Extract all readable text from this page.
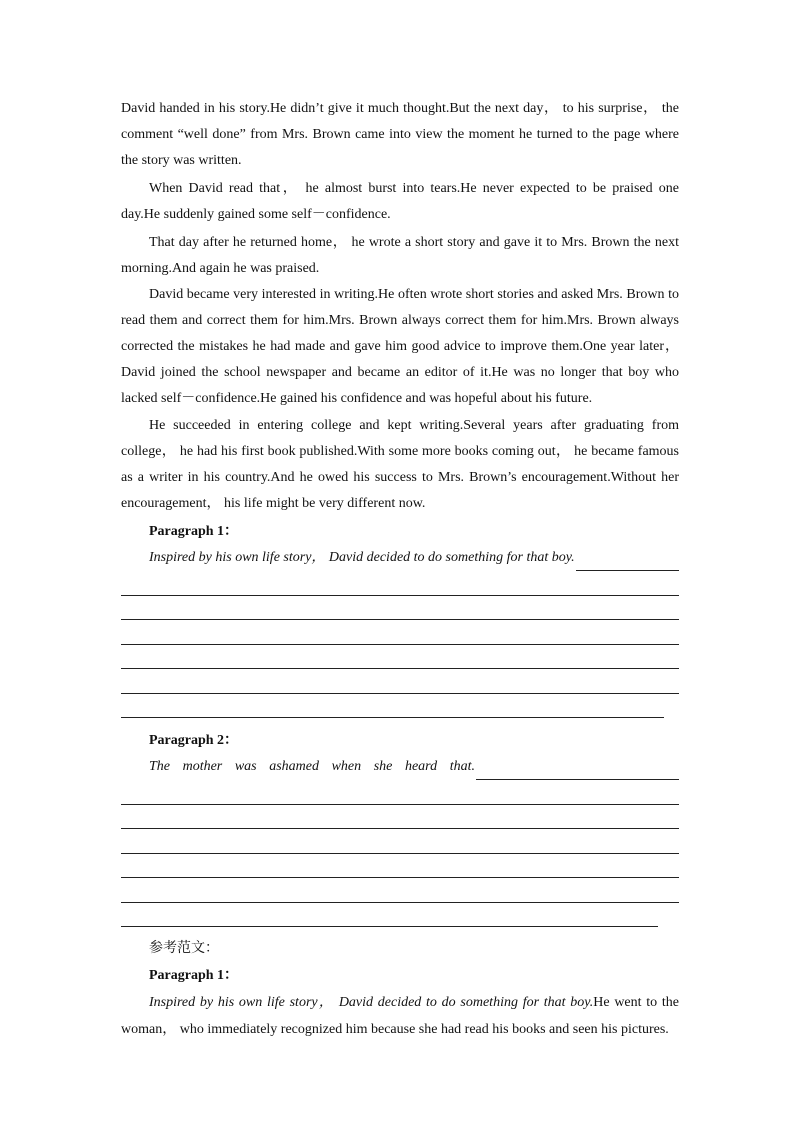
David handed in his story.He didn’t give it much thought.But the next day， to his surprise， the comment “well done” from Mrs. Brown came into view the moment he turned to the page where the story was written.

When David read that， he almost burst into tears.He never expected to be praised one day.He suddenly gained some self－confidence.

That day after he returned home， he wrote a short story and gave it to Mrs. Brown the next morning.And again he was praised.

David became very interested in writing.He often wrote short stories and asked Mrs. Brown to read them and correct them for him.Mrs. Brown always correct them for him.Mrs. Brown always corrected the mistakes he had made and gave him good advice to improve them.One year later， David joined the school newspaper and became an editor of it.He was no longer that boy who lacked self－confidence.He gained his confidence and was hopeful about his future.

He succeeded in entering college and kept writing.Several years after graduating from college， he had his first book published.With some more books coming out， he became famous as a writer in his country.And he owed his success to Mrs. Brown’s encouragement.Without her encouragement， his life might be very different now.

Paragraph 1：

Inspired by his own life story， David decided to do something for that boy.

Paragraph 2：

The mother was ashamed when she heard that.

参考范文：

Paragraph 1：

Inspired by his own life story， David decided to do something for that boy.He went to the woman， who immediately recognized him because she had read his books and seen his pictures.
